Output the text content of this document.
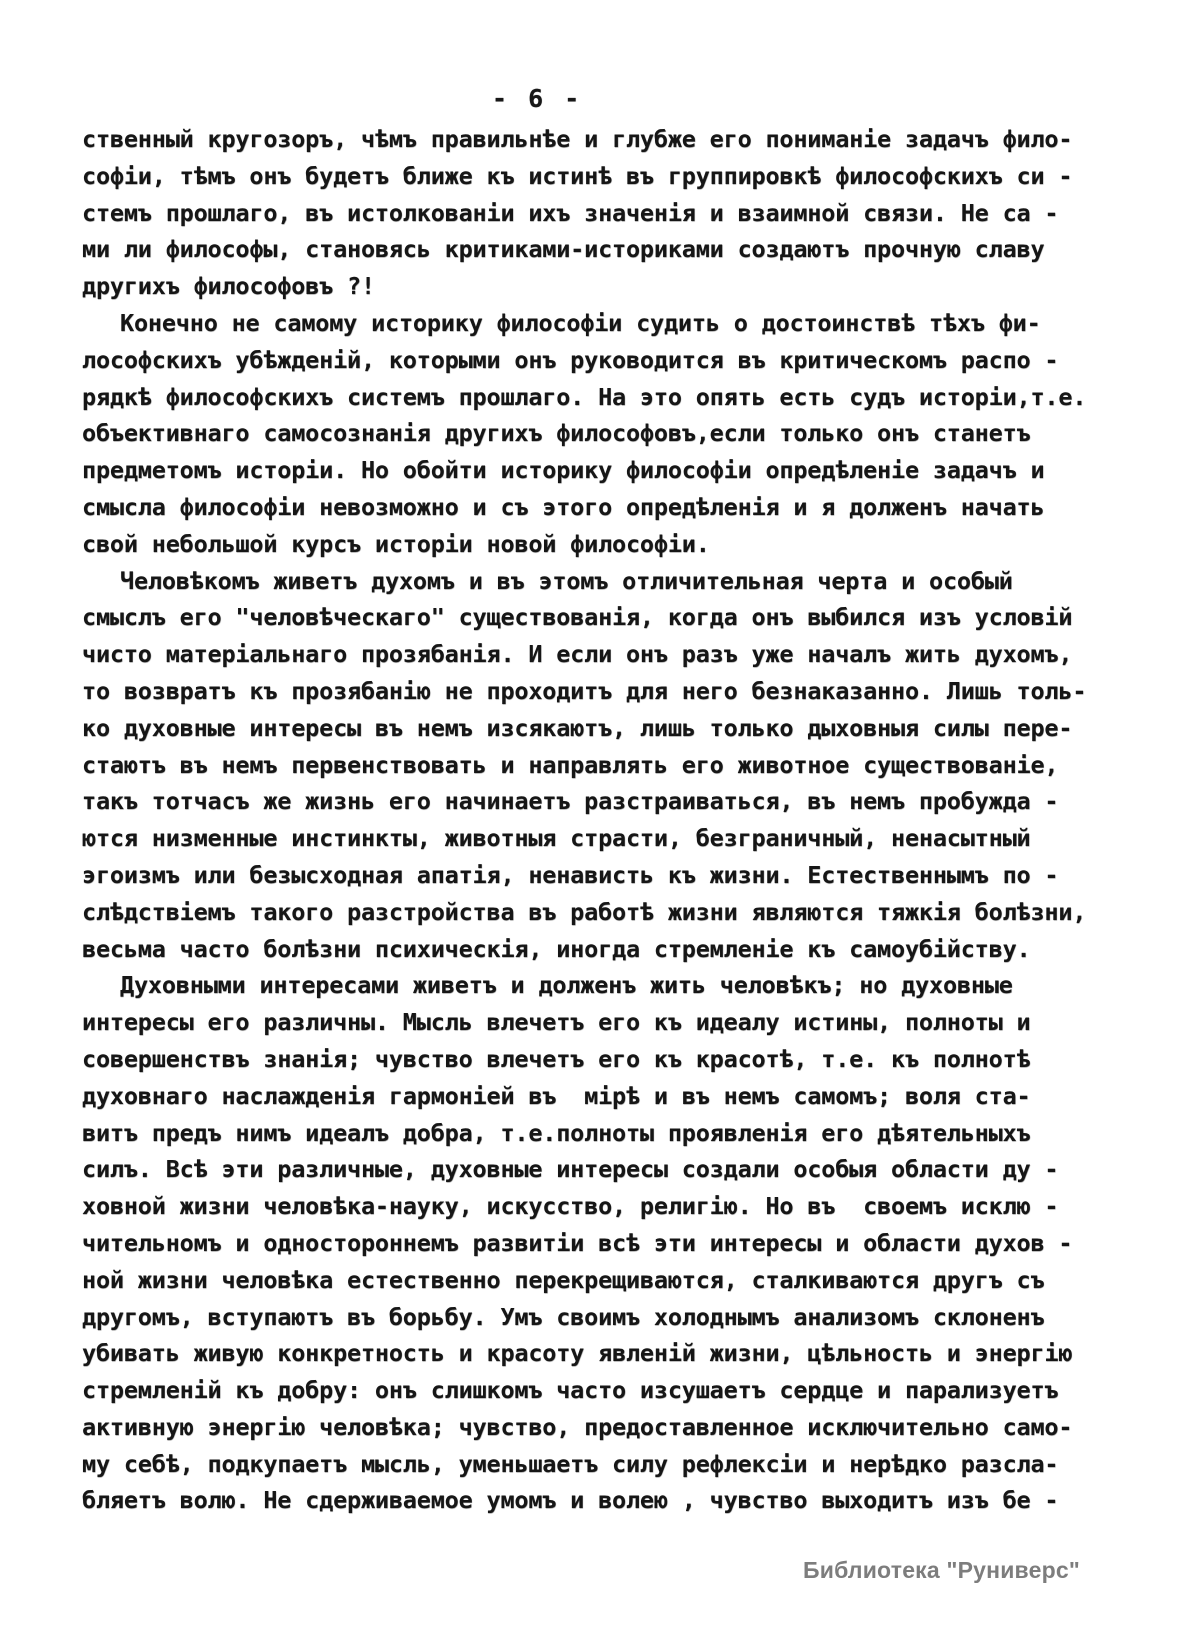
- 6 -
ственный кругозоръ, чѣмъ правильнѣе и глубже его пониманіе задачъ фило-
софіи, тѣмъ онъ будетъ ближе къ истинѣ въ группировкѣ философскихъ си -
стемъ прошлаго, въ истолкованіи ихъ значенія и взаимной связи. Не са -
ми ли философы, становясь критиками-историками создаютъ прочную славу
другихъ философовъ ?!
Конечно не самому историку философіи судить о достоинствѣ тѣхъ фи-
лософскихъ убѣжденій, которыми онъ руководится въ критическомъ распо -
рядкѣ философскихъ системъ прошлаго. На это опять есть судъ исторіи,т.е.
объективнаго самосознанія другихъ философовъ,если только онъ станетъ
предметомъ исторіи. Но обойти историку философіи опредѣленіе задачъ и
смысла философіи невозможно и съ этого опредѣленія и я долженъ начать
свой небольшой курсъ исторіи новой философіи.
Человѣкомъ живетъ духомъ и въ этомъ отличительная черта и особый
смыслъ его "человѣческаго" существованія, когда онъ выбился изъ условій
чисто матеріальнаго прозябанія. И если онъ разъ уже началъ жить духомъ,
то возвратъ къ прозябанію не проходитъ для него безнаказанно. Лишь толь-
ко духовные интересы въ немъ изсякаютъ, лишь только дыховныя силы пере-
стаютъ въ немъ первенствовать и направлять его животное существованіе,
такъ тотчасъ же жизнь его начинаетъ разстраиваться, въ немъ пробужда -
ются низменные инстинкты, животныя страсти, безграничный, ненасытный
эгоизмъ или безысходная апатія, ненависть къ жизни. Естественнымъ по -
слѣдствіемъ такого разстройства въ работѣ жизни являются тяжкія болѣзни,
весьма часто болѣзни психическія, иногда стремленіе къ самоубійству.
Духовными интересами живетъ и долженъ жить человѣкъ; но духовные
интересы его различны. Мысль влечетъ его къ идеалу истины, полноты и
совершенствъ знанія; чувство влечетъ его къ красотѣ, т.е. къ полнотѣ
духовнаго наслажденія гармоніей въ  мірѣ и въ немъ самомъ; воля ста-
витъ предъ нимъ идеалъ добра, т.е.полноты проявленія его дѣятельныхъ
силъ. Всѣ эти различные, духовные интересы создали особыя области ду -
ховной жизни человѣка-науку, искусство, религію. Но въ  своемъ исклю -
чительномъ и одностороннемъ развитіи всѣ эти интересы и области духов -
ной жизни человѣка естественно перекрещиваются, сталкиваются другъ съ
другомъ, вступаютъ въ борьбу. Умъ своимъ холоднымъ анализомъ склоненъ
убивать живую конкретность и красоту явленій жизни, цѣльность и энергію
стремленій къ добру: онъ слишкомъ часто изсушаетъ сердце и парализуетъ
активную энергію человѣка; чувство, предоставленное исключительно само-
му себѣ, подкупаетъ мысль, уменьшаетъ силу рефлексіи и нерѣдко разсла-
бляетъ волю. Не сдерживаемое умомъ и волею , чувство выходитъ изъ бе -
Библиотека "Руниверс"
